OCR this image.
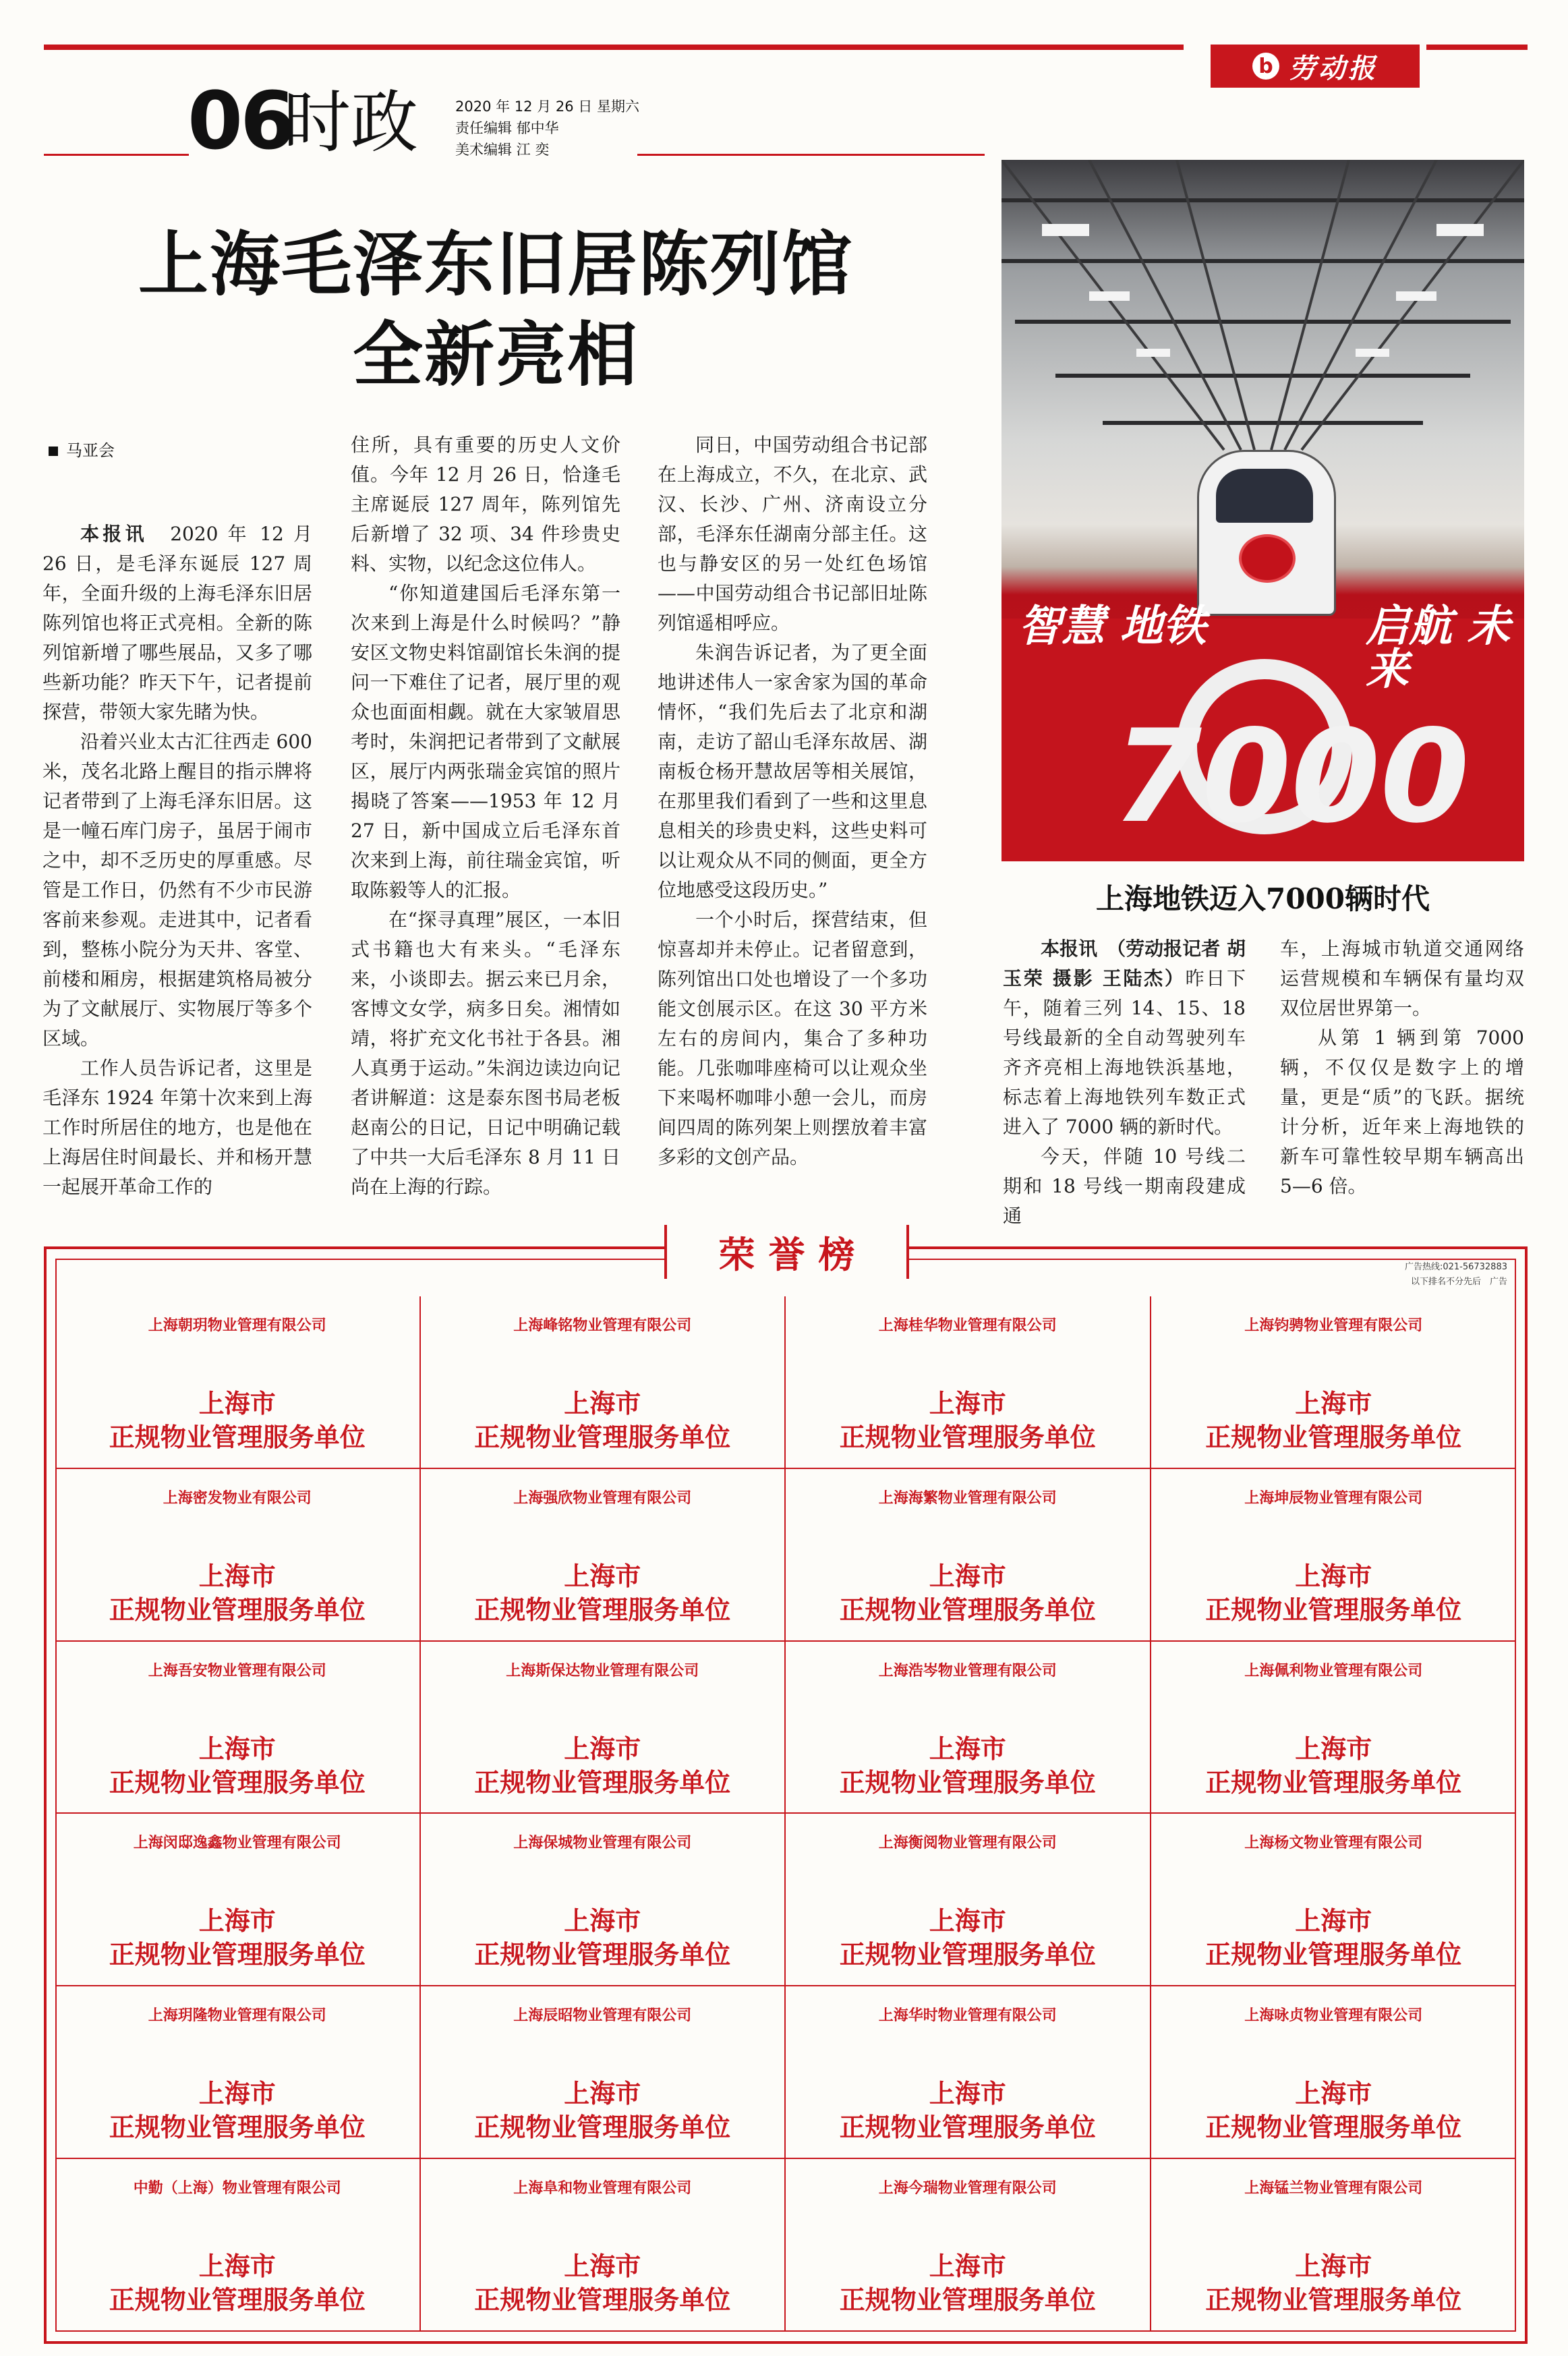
b 劳动报
06
时政	2020 年 12 月 26 日 星期六
责任编辑 郁中华
美术编辑 江 奕
上海毛泽东旧居陈列馆
全新亮相
马亚会

本报讯　 2020 年 12 月 26 日，是毛泽东诞辰 127 周年，全面升级的上海毛泽东旧居陈列馆也将正式亮相。全新的陈列馆新增了哪些展品，又多了哪些新功能？昨天下午，记者提前探营，带领大家先睹为快。

沿着兴业太古汇往西走 600 米，茂名北路上醒目的指示牌将记者带到了上海毛泽东旧居。这是一幢石库门房子，虽居于闹市之中，却不乏历史的厚重感。尽管是工作日，仍然有不少市民游客前来参观。走进其中，记者看到，整栋小院分为天井、客堂、前楼和厢房，根据建筑格局被分为了文献展厅、实物展厅等多个区域。

工作人员告诉记者，这里是毛泽东 1924 年第十次来到上海工作时所居住的地方，也是他在上海居住时间最长、并和杨开慧一起展开革命工作的

住所，具有重要的历史人文价值。今年 12 月 26 日，恰逢毛主席诞辰 127 周年，陈列馆先后新增了 32 项、34 件珍贵史料、实物，以纪念这位伟人。

“你知道建国后毛泽东第一次来到上海是什么时候吗？”静安区文物史料馆副馆长朱润的提问一下难住了记者，展厅里的观众也面面相觑。就在大家皱眉思考时，朱润把记者带到了文献展区，展厅内两张瑞金宾馆的照片揭晓了答案——1953 年 12 月 27 日，新中国成立后毛泽东首次来到上海，前往瑞金宾馆，听取陈毅等人的汇报。

在“探寻真理”展区，一本旧式书籍也大有来头。“毛泽东来，小谈即去。据云来已月余，客博文女学，病多日矣。湘情如靖，将扩充文化书社于各县。湘人真勇于运动。”朱润边读边向记者讲解道：这是泰东图书局老板赵南公的日记，日记中明确记载了中共一大后毛泽东 8 月 11 日尚在上海的行踪。

同日，中国劳动组合书记部在上海成立，不久，在北京、武汉、长沙、广州、济南设立分部，毛泽东任湖南分部主任。这也与静安区的另一处红色场馆——中国劳动组合书记部旧址陈列馆遥相呼应。

朱润告诉记者，为了更全面地讲述伟人一家舍家为国的革命情怀，“我们先后去了北京和湖南，走访了韶山毛泽东故居、湖南板仓杨开慧故居等相关展馆，在那里我们看到了一些和这里息息相关的珍贵史料，这些史料可以让观众从不同的侧面，更全方位地感受这段历史。”

一个小时后，探营结束，但惊喜却并未停止。记者留意到，陈列馆出口处也增设了一个多功能文创展示区。在这 30 平方米左右的房间内，集合了多种功能。几张咖啡座椅可以让观众坐下来喝杯咖啡小憩一会儿，而房间四周的陈列架上则摆放着丰富多彩的文创产品。

智慧 地铁	启航 未来
7000
上海地铁迈入7000辆时代

本报讯　 （劳动报记者 胡玉荣 摄影 王陆杰）昨日下午，随着三列 14、15、18 号线最新的全自动驾驶列车齐齐亮相上海地铁浜基地，标志着上海地铁列车数正式进入了 7000 辆的新时代。

今天，伴随 10 号线二期和 18 号线一期南段建成通

车，上海城市轨道交通网络运营规模和车辆保有量均双双位居世界第一。

从第 1 辆到第 7000 辆，不仅仅是数字上的增量，更是“质”的飞跃。据统计分析，近年来上海地铁的新车可靠性较早期车辆高出 5—6 倍。

荣誉榜	广告热线:021-56732883
以下排名不分先后　广告
上海朝玥物业管理有限公司
上海市
正规物业管理服务单位
上海峰铭物业管理有限公司
上海市
正规物业管理服务单位
上海桂华物业管理有限公司
上海市
正规物业管理服务单位
上海钧骋物业管理有限公司
上海市
正规物业管理服务单位
上海密发物业有限公司
上海市
正规物业管理服务单位
上海强欣物业管理有限公司
上海市
正规物业管理服务单位
上海海繁物业管理有限公司
上海市
正规物业管理服务单位
上海坤辰物业管理有限公司
上海市
正规物业管理服务单位
上海吾安物业管理有限公司
上海市
正规物业管理服务单位
上海斯保达物业管理有限公司
上海市
正规物业管理服务单位
上海浩岑物业管理有限公司
上海市
正规物业管理服务单位
上海佩利物业管理有限公司
上海市
正规物业管理服务单位
上海闵邸逸鑫物业管理有限公司
上海市
正规物业管理服务单位
上海保城物业管理有限公司
上海市
正规物业管理服务单位
上海衡阅物业管理有限公司
上海市
正规物业管理服务单位
上海杨文物业管理有限公司
上海市
正规物业管理服务单位
上海玥隆物业管理有限公司
上海市
正规物业管理服务单位
上海辰昭物业管理有限公司
上海市
正规物业管理服务单位
上海华时物业管理有限公司
上海市
正规物业管理服务单位
上海咏贞物业管理有限公司
上海市
正规物业管理服务单位
中勤（上海）物业管理有限公司
上海市
正规物业管理服务单位
上海阜和物业管理有限公司
上海市
正规物业管理服务单位
上海今瑞物业管理有限公司
上海市
正规物业管理服务单位
上海锰兰物业管理有限公司
上海市
正规物业管理服务单位
